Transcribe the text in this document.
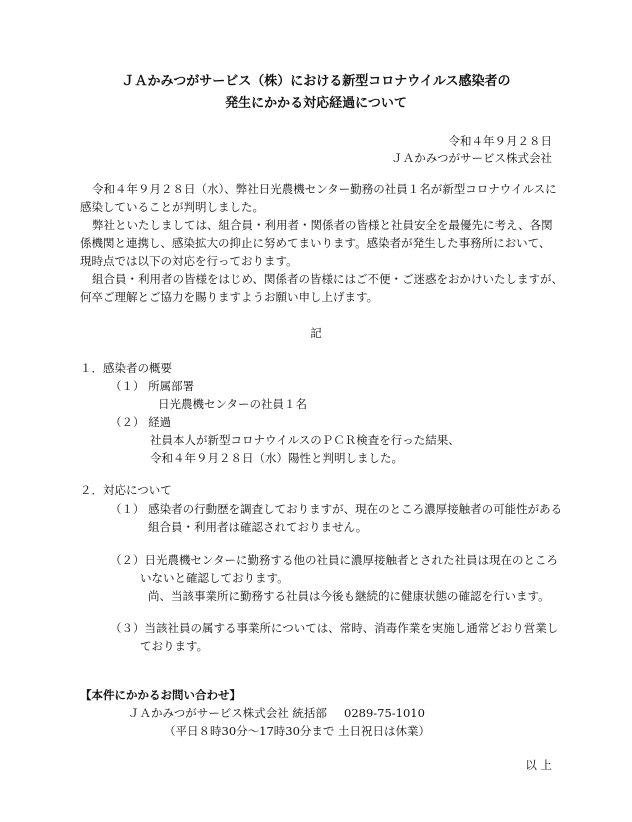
ＪＡかみつがサービス（株）における新型コロナウイルス感染者の
発生にかかる対応経過について
令和４年９月２８日
ＪＡかみつがサービス株式会社
令和４年９月２８日（水）、弊社日光農機センター勤務の社員１名が新型コロナウイルスに
感染していることが判明しました。
弊社といたしましては、組合員・利用者・関係者の皆様と社員安全を最優先に考え、各関
係機関と連携し、感染拡大の抑止に努めてまいります。感染者が発生した事務所において、
現時点では以下の対応を行っております。
組合員・利用者の皆様をはじめ、関係者の皆様にはご不便・ご迷惑をおかけいたしますが、
何卒ご理解とご協力を賜りますようお願い申し上げます。
記
１．感染者の概要
（１） 所属部署
日光農機センターの社員１名
（２） 経過
社員本人が新型コロナウイルスのＰＣＲ検査を行った結果、
令和４年９月２８日（水）陽性と判明しました。
２．対応について
（１） 感染者の行動歴を調査しておりますが、現在のところ濃厚接触者の可能性がある
組合員・利用者は確認されておりません。
（２）日光農機センターに勤務する他の社員に濃厚接触者とされた社員は現在のところ
いないと確認しております。
尚、当該事業所に勤務する社員は今後も継続的に健康状態の確認を行います。
（３）当該社員の属する事業所については、常時、消毒作業を実施し通常どおり営業し
ております。
【本件にかかるお問い合わせ】
ＪＡかみつがサービス株式会社 統括部 0289-75-1010
（平日８時30分～17時30分まで 土日祝日は休業）
以 上
